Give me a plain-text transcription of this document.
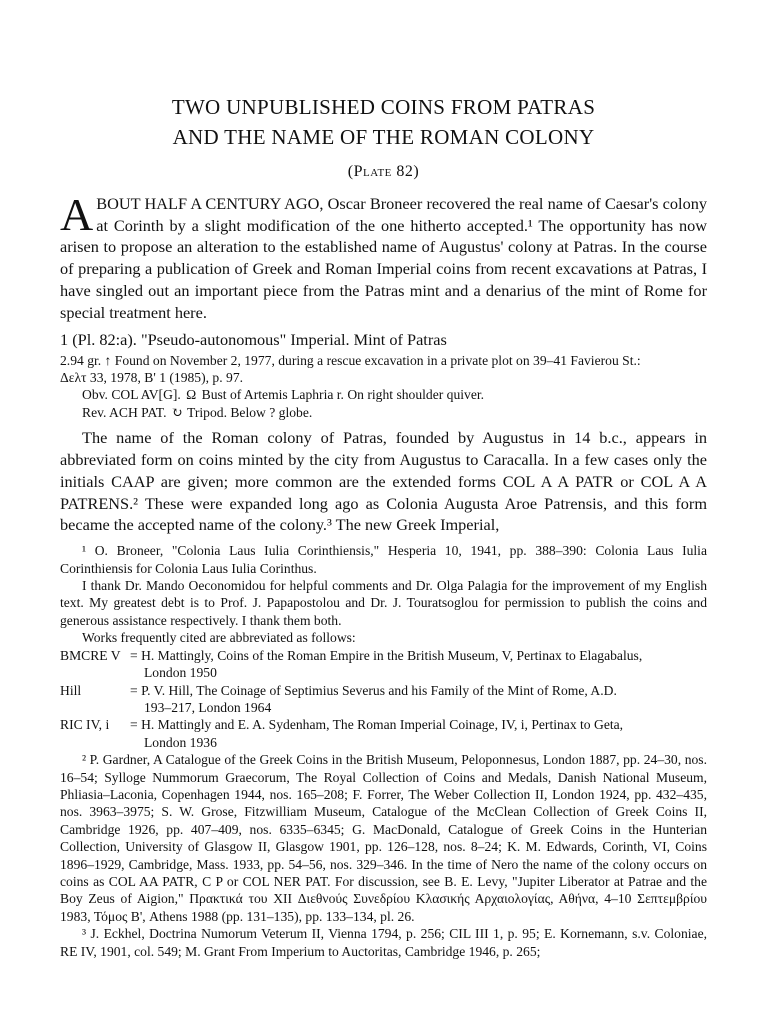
TWO UNPUBLISHED COINS FROM PATRAS
AND THE NAME OF THE ROMAN COLONY
(Plate 82)

ABOUT HALF A CENTURY AGO, Oscar Broneer recovered the real name of Caesar's colony at Corinth by a slight modification of the one hitherto accepted.¹ The opportunity has now arisen to propose an alteration to the established name of Augustus' colony at Patras. In the course of preparing a publication of Greek and Roman Imperial coins from recent excavations at Patras, I have singled out an important piece from the Patras mint and a denarius of the mint of Rome for special treatment here.

1 (Pl. 82:a). "Pseudo-autonomous" Imperial. Mint of Patras

2.94 gr. ↑ Found on November 2, 1977, during a rescue excavation in a private plot on 39–41 Favierou St.:

Δελτ 33, 1978, Β' 1 (1985), p. 97.

Obv. COL AV[G]. Ω Bust of Artemis Laphria r. On right shoulder quiver.

Rev. ACH PAT. ↻ Tripod. Below ? globe.

The name of the Roman colony of Patras, founded by Augustus in 14 b.c., appears in abbreviated form on coins minted by the city from Augustus to Caracalla. In a few cases only the initials CAAP are given; more common are the extended forms COL A A PATR or COL A A PATRENS.² These were expanded long ago as Colonia Augusta Aroe Patrensis, and this form became the accepted name of the colony.³ The new Greek Imperial,

¹ O. Broneer, "Colonia Laus Iulia Corinthiensis," Hesperia 10, 1941, pp. 388–390: Colonia Laus Iulia Corinthiensis for Colonia Laus Iulia Corinthus.

I thank Dr. Mando Oeconomidou for helpful comments and Dr. Olga Palagia for the improvement of my English text. My greatest debt is to Prof. J. Papapostolou and Dr. J. Touratsoglou for permission to publish the coins and generous assistance respectively. I thank them both.

Works frequently cited are abbreviated as follows:

BMCRE V = H. Mattingly, Coins of the Roman Empire in the British Museum, V, Pertinax to Elagabalus,
London 1950
Hill	= P. V. Hill, The Coinage of Septimius Severus and his Family of the Mint of Rome, A.D.
193–217, London 1964
RIC IV, i	= H. Mattingly and E. A. Sydenham, The Roman Imperial Coinage, IV, i, Pertinax to Geta,
London 1936

² P. Gardner, A Catalogue of the Greek Coins in the British Museum, Peloponnesus, London 1887, pp. 24–30, nos. 16–54; Sylloge Nummorum Graecorum, The Royal Collection of Coins and Medals, Danish National Museum, Phliasia–Laconia, Copenhagen 1944, nos. 165–208; F. Forrer, The Weber Collection II, London 1924, pp. 432–435, nos. 3963–3975; S. W. Grose, Fitzwilliam Museum, Catalogue of the McClean Collection of Greek Coins II, Cambridge 1926, pp. 407–409, nos. 6335–6345; G. MacDonald, Catalogue of Greek Coins in the Hunterian Collection, University of Glasgow II, Glasgow 1901, pp. 126–128, nos. 8–24; K. M. Edwards, Corinth, VI, Coins 1896–1929, Cambridge, Mass. 1933, pp. 54–56, nos. 329–346. In the time of Nero the name of the colony occurs on coins as COL AA PATR, C P or COL NER PAT. For discussion, see B. E. Levy, "Jupiter Liberator at Patrae and the Boy Zeus of Aigion," Πρακτικά του XII Διεθνούς Συνεδρίου Κλασικής Αρχαιολογίας, Αθήνα, 4–10 Σεπτεμβρίου 1983, Τόμος Β', Athens 1988 (pp. 131–135), pp. 133–134, pl. 26.

³ J. Eckhel, Doctrina Numorum Veterum II, Vienna 1794, p. 256; CIL III 1, p. 95; E. Kornemann, s.v. Coloniae, RE IV, 1901, col. 549; M. Grant From Imperium to Auctoritas, Cambridge 1946, p. 265;
